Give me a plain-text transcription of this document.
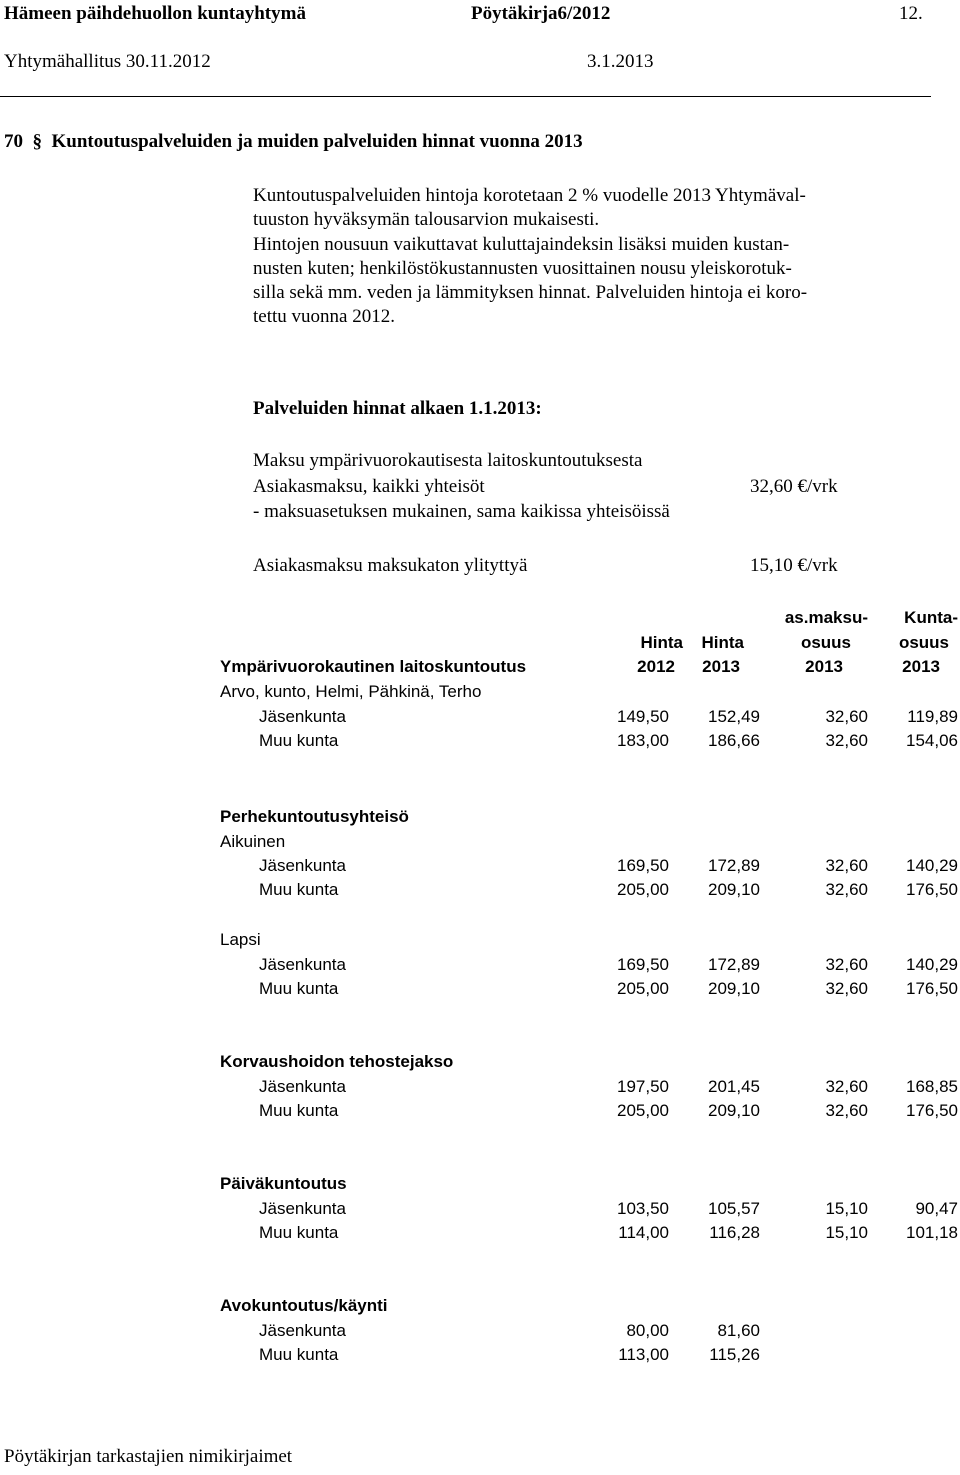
Hämeen päihdehuollon kuntayhtymä	Pöytäkirja6/2012	12.
Yhtymähallitus 30.11.2012	3.1.2013
70 § Kuntoutuspalveluiden ja muiden palveluiden hinnat vuonna 2013
Kuntoutuspalveluiden hintoja korotetaan 2 % vuodelle 2013 Yhtymäval-
tuuston hyväksymän talousarvion mukaisesti.
Hintojen nousuun vaikuttavat kuluttajaindeksin lisäksi muiden kustan-
nusten kuten; henkilöstökustannusten vuosittainen nousu yleiskorotuk-
silla sekä mm. veden ja lämmityksen hinnat. Palveluiden hintoja ei koro-
tettu vuonna 2012.
Palveluiden hinnat alkaen 1.1.2013:
Maksu ympärivuorokautisesta laitoskuntoutuksesta
Asiakasmaksu, kaikki yhteisöt	32,60 €/vrk
- maksuasetuksen mukainen, sama kaikissa yhteisöissä
Asiakasmaksu maksukaton ylityttyä	15,10 €/vrk
as.maksu- Kunta-
Hinta Hinta	osuus	osuus
Ympärivuorokautinen laitoskuntoutus	2012 2013	2013	2013
Arvo, kunto, Helmi, Pähkinä, Terho
Jäsenkunta	149,50 152,49	32,60 119,89
Muu kunta	183,00 186,66	32,60 154,06
Perhekuntoutusyhteisö
Aikuinen
Jäsenkunta	169,50 172,89	32,60 140,29
Muu kunta	205,00 209,10	32,60 176,50
Lapsi
Jäsenkunta	169,50 172,89	32,60 140,29
Muu kunta	205,00 209,10	32,60 176,50
Korvaushoidon tehostejakso
Jäsenkunta	197,50 201,45	32,60 168,85
Muu kunta	205,00 209,10	32,60 176,50
Päiväkuntoutus
Jäsenkunta	103,50 105,57	15,10	90,47
Muu kunta	114,00 116,28	15,10 101,18
Avokuntoutus/käynti
Jäsenkunta	80,00	81,60
Muu kunta	113,00 115,26
Pöytäkirjan tarkastajien nimikirjaimet
